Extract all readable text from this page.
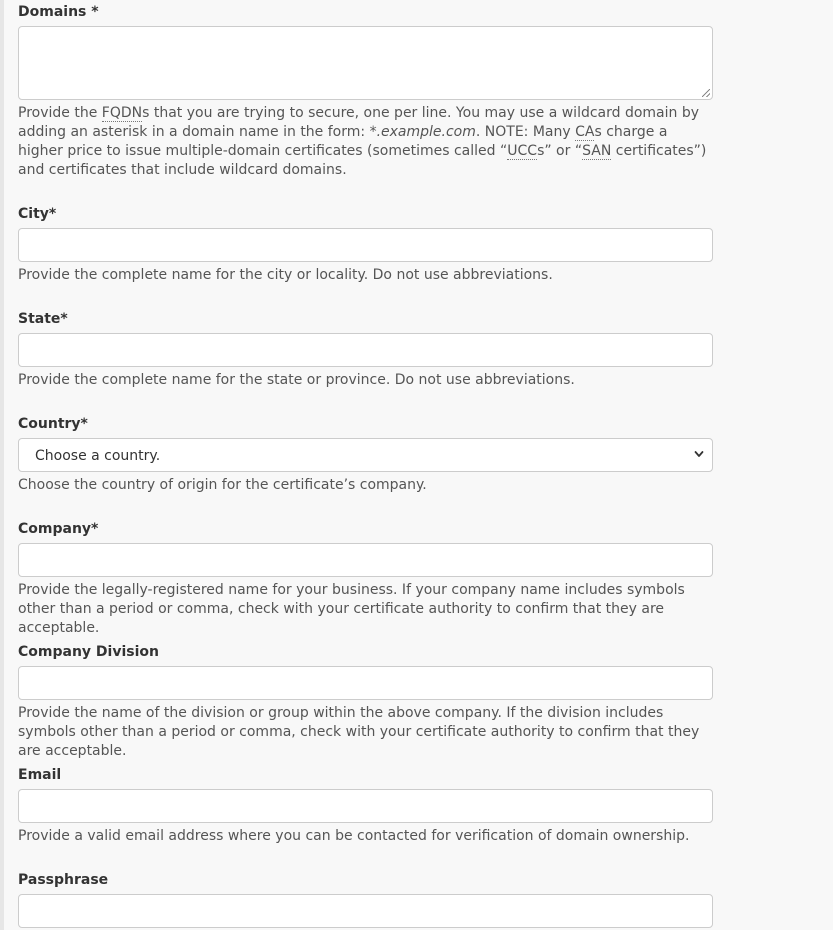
Domains *
Provide the FQDNs that you are trying to secure, one per line. You may use a wildcard domain by adding an asterisk in a domain name in the form: *.example.com. NOTE: Many CAs charge a higher price to issue multiple-domain certificates (sometimes called “UCCs” or “SAN certificates”) and certificates that include wildcard domains.
City*
Provide the complete name for the city or locality. Do not use abbreviations.
State*
Provide the complete name for the state or province. Do not use abbreviations.
Country*
Choose a country.
Choose the country of origin for the certificate’s company.
Company*
Provide the legally-registered name for your business. If your company name includes symbols other than a period or comma, check with your certificate authority to confirm that they are acceptable.
Company Division
Provide the name of the division or group within the above company. If the division includes symbols other than a period or comma, check with your certificate authority to confirm that they are acceptable.
Email
Provide a valid email address where you can be contacted for verification of domain ownership.
Passphrase
